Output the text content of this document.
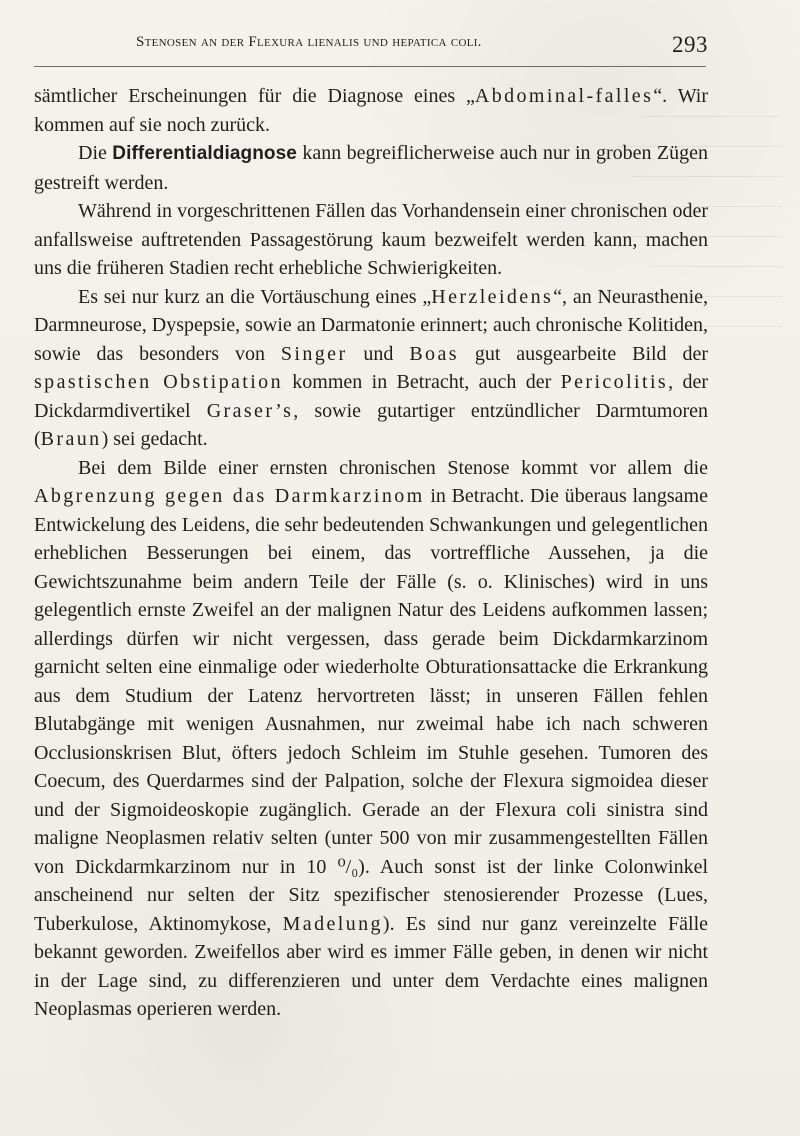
Stenosen an der Flexura lienalis und hepatica coli.	293

sämtlicher Erscheinungen für die Diagnose eines „Abdominal-falles“. Wir kommen auf sie noch zurück.

Die Differentialdiagnose kann begreiflicherweise auch nur in groben Zügen gestreift werden.

Während in vorgeschrittenen Fällen das Vorhandensein einer chronischen oder anfallsweise auftretenden Passagestörung kaum bezweifelt werden kann, machen uns die früheren Stadien recht erhebliche Schwierigkeiten.

Es sei nur kurz an die Vortäuschung eines „Herzleidens“, an Neurasthenie, Darmneurose, Dyspepsie, sowie an Darmatonie erinnert; auch chronische Kolitiden, sowie das besonders von Singer und Boas gut ausgearbeite Bild der spastischen Obstipation kommen in Betracht, auch der Pericolitis, der Dickdarmdivertikel Graser’s, sowie gutartiger entzündlicher Darmtumoren (Braun) sei gedacht.

Bei dem Bilde einer ernsten chronischen Stenose kommt vor allem die Abgrenzung gegen das Darmkarzinom in Betracht. Die überaus langsame Entwickelung des Leidens, die sehr bedeutenden Schwankungen und gelegentlichen erheblichen Besserungen bei einem, das vortreffliche Aussehen, ja die Gewichtszunahme beim andern Teile der Fälle (s. o. Klinisches) wird in uns gelegentlich ernste Zweifel an der malignen Natur des Leidens aufkommen lassen; allerdings dürfen wir nicht vergessen, dass gerade beim Dickdarmkarzinom garnicht selten eine einmalige oder wiederholte Obturationsattacke die Erkrankung aus dem Studium der Latenz hervortreten lässt; in unseren Fällen fehlen Blutabgänge mit wenigen Ausnahmen, nur zweimal habe ich nach schweren Occlusionskrisen Blut, öfters jedoch Schleim im Stuhle gesehen. Tumoren des Coecum, des Querdarmes sind der Palpation, solche der Flexura sigmoidea dieser und der Sigmoideoskopie zugänglich. Gerade an der Flexura coli sinistra sind maligne Neoplasmen relativ selten (unter 500 von mir zusammengestellten Fällen von Dickdarmkarzinom nur in 10 ⁰/₀). Auch sonst ist der linke Colonwinkel anscheinend nur selten der Sitz spezifischer stenosierender Prozesse (Lues, Tuberkulose, Aktinomykose, Madelung). Es sind nur ganz vereinzelte Fälle bekannt geworden. Zweifellos aber wird es immer Fälle geben, in denen wir nicht in der Lage sind, zu differenzieren und unter dem Verdachte eines malignen Neoplasmas operieren werden.
